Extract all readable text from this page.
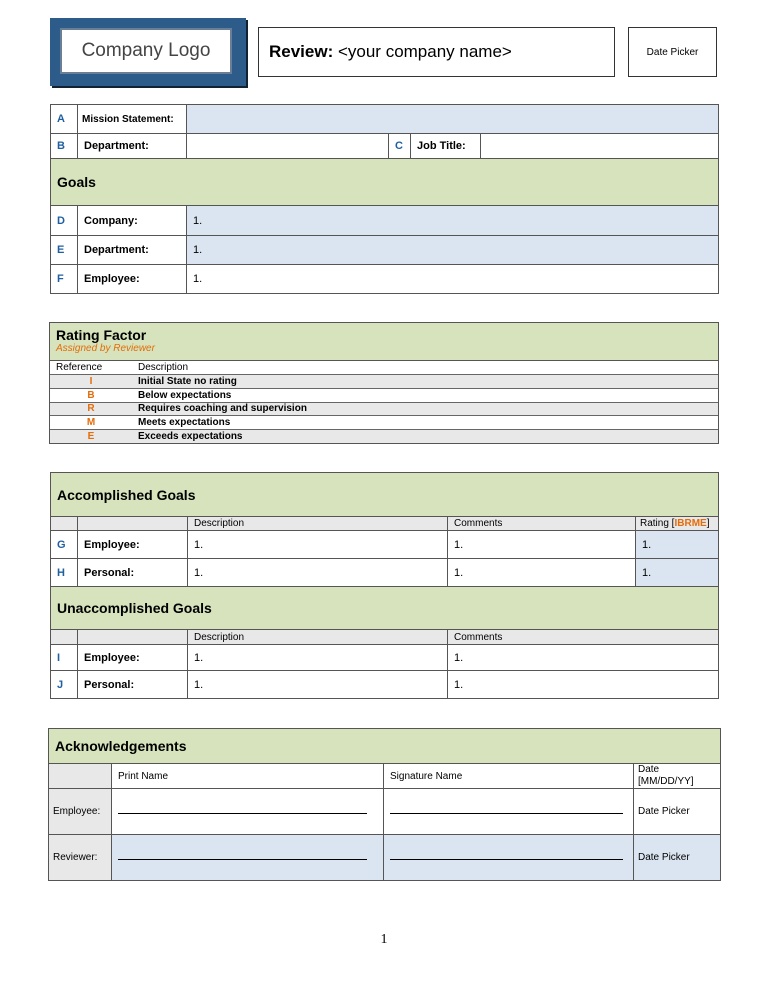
Company Logo	Review: <your company name>	Date Picker
A	Mission Statement:				
B	Department:		C	Job Title:	
Goals					
D	Company:	1.			
E	Department:	1.			
F	Employee:	1.			
Rating Factor
Assigned by Reviewer
Reference	Description
I	Initial State no rating
B	Below expectations
R	Requires coaching and supervision
M	Meets expectations
E	Exceeds expectations
Accomplished Goals				
		Description	Comments	Rating [IBRME]
G	Employee:	1.	1.	1.
H	Personal:	1.	1.	1.
Unaccomplished Goals				
		Description	Comments	
I	Employee:	1.	1.	
J	Personal:	1.	1.	
Acknowledgements			
	Print Name	Signature Name	Date
[MM/DD/YY]

Employee:			Date Picker
Reviewer:			Date Picker
1
